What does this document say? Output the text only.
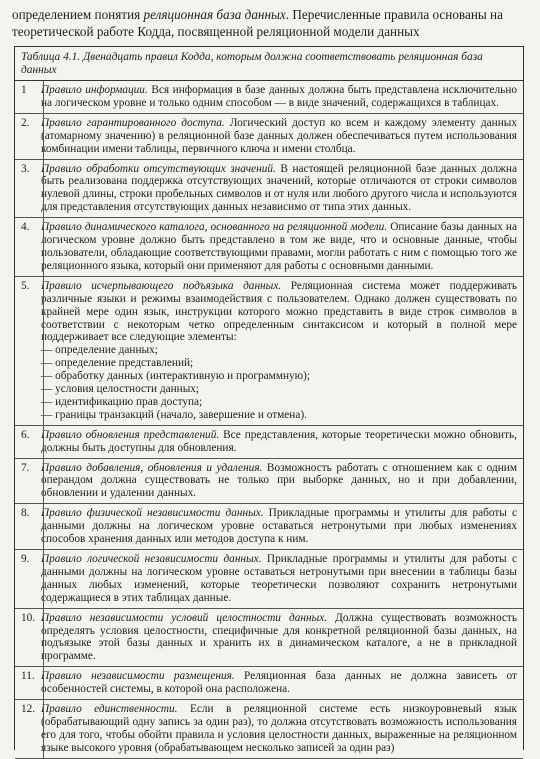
определением понятия реляционная база данных. Перечисленные правила основаны на теоретической работе Кодда, посвященной реляционной модели данных

Таблица 4.1. Двенадцать правил Кодда, которым должна соответствовать реляционная база данных
1	Правило информации. Вся информация в базе данных должна быть представлена исключительно на логическом уровне и только одним способом — в виде значений, содержащихся в таблицах.
2.	Правило гарантированного доступа. Логический доступ ко всем и каждому элементу данных (атомарному значению) в реляционной базе данных должен обеспечиваться путем использования комбинации имени таблицы, первичного ключа и имени столбца.
3.	Правило обработки отсутствующих значений. В настоящей реляционной базе данных должна быть реализована поддержка отсутствующих значений, которые отличаются от строки символов нулевой длины, строки пробельных символов и от нуля или любого другого числа и используются для представления отсутствующих данных независимо от типа этих данных.
4.	Правило динамического каталога, основанного на реляционной модели. Описание базы данных на логическом уровне должно быть представлено в том же виде, что и основные данные, чтобы пользователи, обладающие соответствующими правами, могли работать с ним с помощью того же реляционного языка, который они применяют для работы с основными данными.
5.	Правило исчерпывающего подъязыка данных. Реляционная система может поддерживать различные языки и режимы взаимодействия с пользователем. Однако должен существовать по крайней мере один язык, инструкции которого можно представить в виде строк символов в соответствии с некоторым четко определенным синтаксисом и который в полной мере поддерживает все следующие элементы:
— определение данных;
— определение представлений;
— обработку данных (интерактивную и программную);
— условия целостности данных;
— идентификацию прав доступа;
— границы транзакций (начало, завершение и отмена).
6.	Правило обновления представлений. Все представления, которые теоретически можно обновить, должны быть доступны для обновления.
7.	Правило добавления, обновления и удаления. Возможность работать с отношением как с одним операндом должна существовать не только при выборке данных, но и при добавлении, обновлении и удалении данных.
8.	Правило физической независимости данных. Прикладные программы и утилиты для работы с данными должны на логическом уровне оставаться нетронутыми при любых изменениях способов хранения данных или методов доступа к ним.
9.	Правило логической независимости данных. Прикладные программы и утилиты для работы с данными должны на логическом уровне оставаться нетронутыми при внесении в таблицы базы данных любых изменений, которые теоретически позволяют сохранить нетронутыми содержащиеся в этих таблицах данные.
10. Правило независимости условий целостности данных. Должна существовать возможность определять условия целостности, специфичные для конкретной реляционной базы данных, на подъязыке этой базы данных и хранить их в динамическом каталоге, а не в прикладной программе.
11. Правило независимости размещения. Реляционная база данных не должна зависеть от особенностей системы, в которой она расположена.
12. Правило единственности. Если в реляционной системе есть низкоуровневый язык (обрабатывающий одну запись за один раз), то должна отсутствовать возможность использования его для того, чтобы обойти правила и условия целостности данных, выраженные на реляционном языке высокого уровня (обрабатывающем несколько записей за один раз)
